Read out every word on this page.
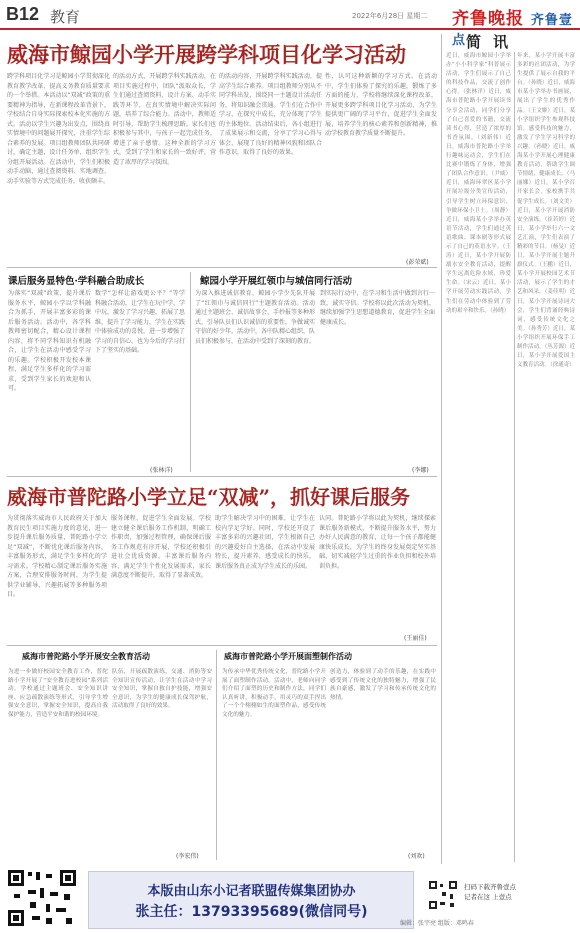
B12 教育	2022年6月28日 星期二 齐鲁晚报 齐鲁壹点
威海市鲸园小学开展跨学科项目化学习活动
跨学科项目化学习是鲸园小学贯彻深化教育教学改革、提高义务教育质量要求的一个举措。本活动以“双减”政策的重要精神为指导，在新课程改革背景下，学校结合自身实际探索校本化实施的方式。活动以学生兴趣为出发点，围绕真实情境中的问题展开探究，注重学生综合素养的发展。项目组教师团队共同研讨，确定主题，设计任务单，组织学生分组开展活动。在活动中，学生们积极动手动脑，通过查阅资料、实地调查、动手实验等方式完成任务，收获颇丰。
的活动方式，开展跨学科实践活动，在项目实施过程中，团队“汲取众长，学生们通过查阅资料、设计方案、动手实践等环节，在真实情境中解决实际问题，培养了综合能力。活动中，教师适时引导，帮助学生梳理思路。家长们也积极参与其中，与孩子一起完成任务，增进了亲子感情。这种全新的学习方式，受到了学生和家长的一致好评，营造了浓厚的学习氛围。
的活动内容，开展跨学科实践活动，提高学生综合素养。项目组教师分别从不同学科出发，围绕同一主题设计活动任务，将知识融会贯通。学生们在合作中学习，在探究中成长，充分体现了学生的主体地位。活动结束后，各小组进行了成果展示和交流，分享了学习心得与体会，展现了良好的精神风貌和团队合作意识，取得了良好的效果。
性，认可这种新颖的学习方式。在活动中，学生们体验了探究的乐趣，锻炼了多方面的能力，学校将继续深化课程改革，开展更多跨学科项目化学习活动，为学生提供更广阔的学习平台，促进学生全面发展，培养学生的核心素养和创新精神，推动学校教育教学质量不断提升。
(彭荣斌)
课后服务显特色·学科融合助成长
为落实“双减”政策，提升课后服务水平，鲸园小学以学科融合为抓手，开展丰富多彩的课后服务活动。活动中，各学科教师密切配合，精心设计课程内容，将不同学科知识有机融合，让学生在活动中感受学习的乐趣。学校积极开发校本课程，满足学生多样化的学习需求，受到学生家长的欢迎和认可。
数学“怎样让游戏更公平？”等学科融合活动，让学生在玩中学、学中玩，激发了学习兴趣，拓展了思维，提升了学习能力，学生在实践中体验成功的喜悦，进一步增强了学习的自信心，也为今后的学习打下了坚实的基础。
(张林洋)
鲸园小学开展红领巾与城信同行活动
为深入推进诚信教育，鲸园小学少先队开展了“红领巾与诚信同行”主题教育活动。活动通过主题班会、诚信故事会、手抄报等多种形式，引导队员们认识诚信的重要性，争做诚实守信的好少年。活动中，各中队精心组织，队员们积极参与，在活动中受到了深刻的教育。
到实际行动中，在学习和生活中做到言行一致，诚实守信。学校将以此次活动为契机，继续加强学生思想道德教育，促进学生全面健康成长。
(李娜)
威海市普陀路小学立足“双减”，抓好课后服务
为贯彻落实威海市人民政府关于加大教育民生项目实施力度的意见，进一步提升课后服务质量，普陀路小学立足“双减”，不断优化课后服务内容，丰富服务形式，满足学生多样化的学习需求。学校精心制定课后服务实施方案，合理安排服务时间，为学生提供学业辅导、兴趣拓展等多种服务项目。
服务课程，促进学生全面发展。学校建立健全课后服务工作机制，明确工作职责，加强过程管理，确保课后服务工作规范有序开展，学校还积极引进社会优质资源，丰富课后服务内容，满足学生个性化发展需求，家长满意度不断提升，取得了显著成效。
助学生解决学习中的困难，让学生在校内学足学好。同时，学校还开设了丰富多彩的兴趣社团，学生根据自己的兴趣爱好自主选择，在活动中发展特长，提升素养，感受成长的快乐，课后服务真正成为学生成长的乐园。
认同。普陀路小学将以此为契机，继续探索课后服务新模式，不断提升服务水平，努力办好人民满意的教育，让每一个孩子都能健康快乐成长，为学生的终身发展奠定坚实基础，切实减轻学生过重的作业负担和校外培训负担。
(王丽佳)
威海市普陀路小学开展安全教育活动
为进一步做好校园安全教育工作，普陀路小学开展了“安全教育进校园”系列活动。学校通过主题班会、安全知识讲座、应急疏散演练等形式，引导学生增强安全意识，掌握安全知识，提高自我保护能力，营造平安和谐的校园环境。
队伍，开展疏散演练，交通、消防等安全知识宣传活动，让学生在活动中学习安全知识，掌握自救自护技能，增强安全意识，为学生的健康成长保驾护航，活动取得了良好的效果。
(李宏伟)
威海市普陀路小学开展面塑制作活动
为传承中华优秀传统文化，普陀路小学开展了面塑制作活动。活动中，老师向同学们介绍了面塑的历史和制作方法，同学们认真听讲，积极动手，用灵巧的双手捏出了一个个栩栩如生的面塑作品，感受传统文化的魅力。
创造力，体验到了动手的乐趣，在实践中感受到了传统文化的独特魅力，增强了民族自豪感，激发了学习和传承传统文化的热情。
(刘欢)
简讯
近日，威海市鲸园小学举办“小小科学家”科普展示活动，学生们展示了自己的科技作品，交流了创作心得。（张林洋）近日，威海市普陀路小学开展读书分享会活动，同学们分享了自己喜爱的书籍，交流读书心得，营造了浓厚的书香氛围。（刘新伟）近日，威海市普陀路小学举行趣味运动会，学生们在比赛中锻炼了身体，增强了团队合作意识。（尹威）近日，威海环翠区某小学开展垃圾分类宣传活动，引导学生树立环保意识，争做环保小卫士。（周静）近日，威海某小学举办英语节活动，学生们通过英语歌曲、课本剧等形式展示了自己的英语水平。（王涛）近日，某小学开展防溺水安全教育活动，提醒学生远离危险水域，珍爱生命。（宋云）近日，某小学开展劳动实践活动，学生们在劳动中体验到了劳动的艰辛和快乐。（孙晓）
年来，某小学开展丰富多彩的社团活动，为学生提供了展示自我的平台。（孙晓）近日，威海市某小学举办书画展，展出了学生的优秀作品。（王文姬）近日，某小学组织学生参观科技馆，感受科技的魅力，激发了学生学习科学的兴趣。（孙晓）近日，威海某小学开展心理健康教育活动，帮助学生调节情绪，健康成长。（马丽娜）近日，某小学召开家长会，家校携手共促学生成长。（刘文美）近日，某小学开展消防安全演练。（崔若婷）近日，某小学举行六一文艺汇演，学生们表演了精彩的节目。（杨旻）近日，某小学开展主题升旗仪式。（王鹏）近日，某小学开展校园艺术节活动，展示了学生的才艺和风采。（姜佳明）近日，某小学开展诗词大会，学生们背诵经典诗词，感受传统文化之美。（孙秀芳）近日，某小学组织开展环保手工制作活动。（丛芳源）近日，某小学开展爱国主义教育活动。（徐通奇）
本版由山东小记者联盟传媒集团协办
张主任：13793395689(微信同号)
扫码下载齐鲁壹点
记者在这 上壹点
编辑：张宇亮 组版：邓鸣春
